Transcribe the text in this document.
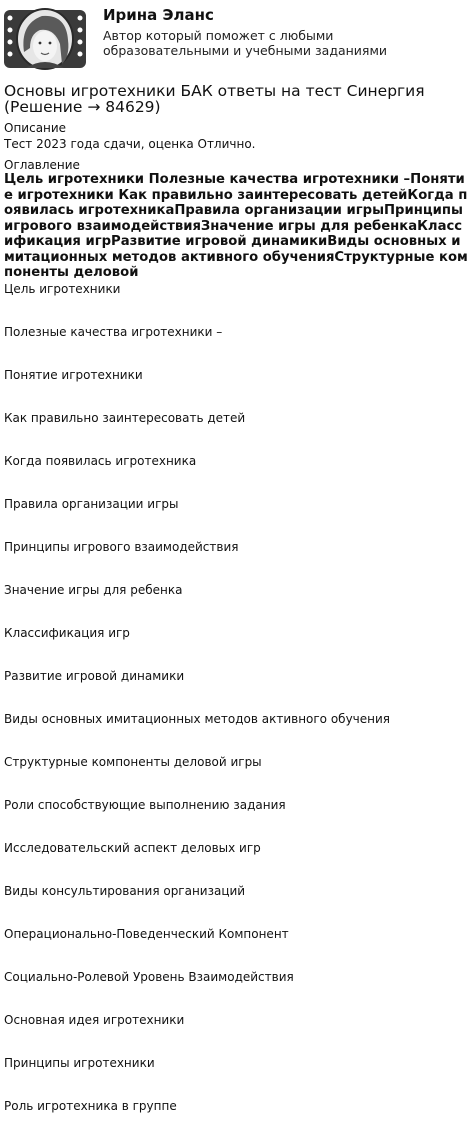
Ирина Эланс
Автор который поможет с любыми образовательными и учебными заданиями
Основы игротехники БАК ответы на тест Синергия (Решение → 84629)
Описание
Тест 2023 года сдачи, оценка Отлично.
Оглавление
Цель игротехники Полезные качества игротехники –Понятие игротехники Как правильно заинтересовать детейКогда появилась игротехникаПравила организации игрыПринципы игрового взаимодействияЗначение игры для ребенкаКлассификация игрРазвитие игровой динамикиВиды основных имитационных методов активного обученияСтруктурные компоненты деловой
Цель игротехники
Полезные качества игротехники –
Понятие игротехники
Как правильно заинтересовать детей
Когда появилась игротехника
Правила организации игры
Принципы игрового взаимодействия
Значение игры для ребенка
Классификация игр
Развитие игровой динамики
Виды основных имитационных методов активного обучения
Структурные компоненты деловой игры
Роли способствующие выполнению задания
Исследовательский аспект деловых игр
Виды консультирования организаций
Операционально-Поведенческий Компонент
Социально-Ролевой Уровень Взаимодействия
Основная идея игротехники
Принципы игротехники
Роль игротехника в группе
